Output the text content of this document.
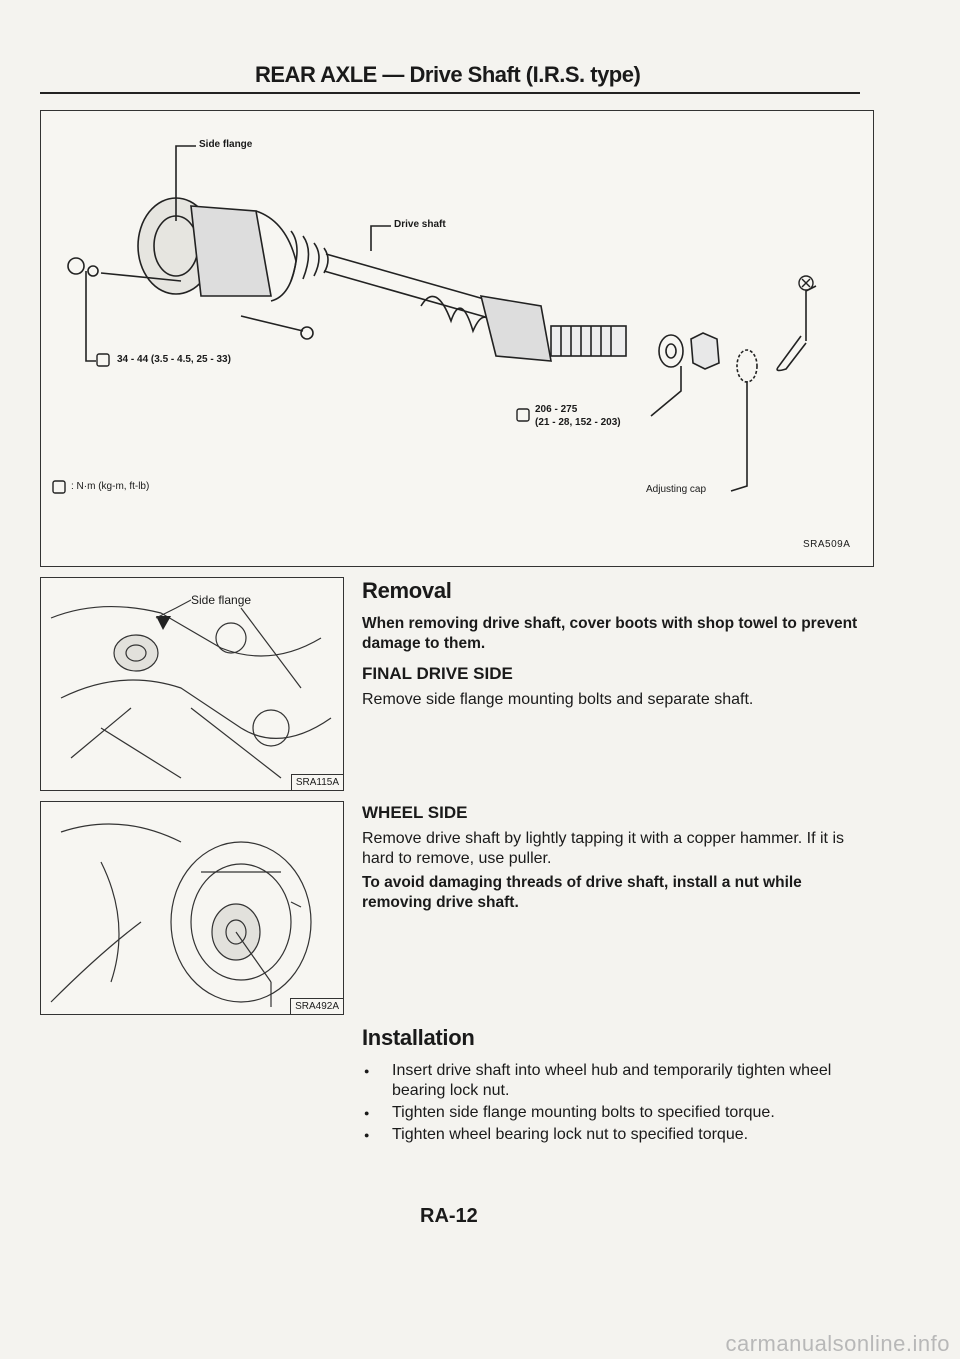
REAR AXLE — Drive Shaft (I.R.S. type)
Side flange
Drive shaft
34 - 44 (3.5 - 4.5, 25 - 33)
206 - 275
(21 - 28, 152 - 203)
Adjusting cap
: N·m (kg-m, ft-lb)
SRA509A
Side flange
SRA115A
SRA492A
Removal

When removing drive shaft, cover boots with shop towel to prevent damage to them.

FINAL DRIVE SIDE

Remove side flange mounting bolts and separate shaft.

WHEEL SIDE

Remove drive shaft by lightly tapping it with a copper hammer. If it is hard to remove, use puller.

To avoid damaging threads of drive shaft, install a nut while removing drive shaft.

Installation
● Insert drive shaft into wheel hub and temporarily tighten wheel bearing lock nut.
● Tighten side flange mounting bolts to specified torque.
● Tighten wheel bearing lock nut to specified torque.
RA-12
carmanualsonline.info
